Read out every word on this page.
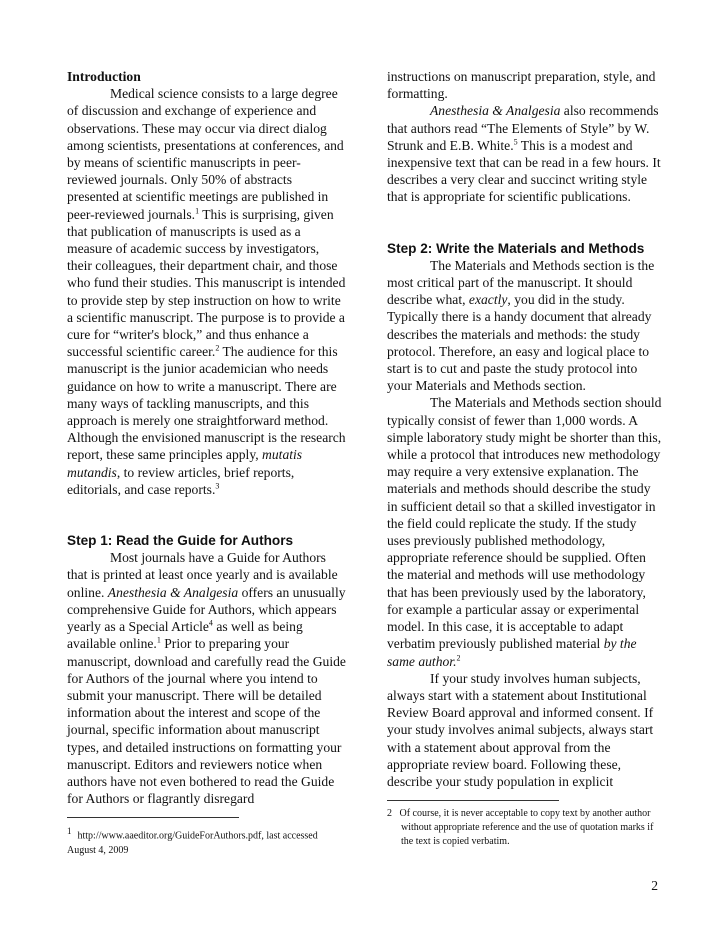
Introduction

Medical science consists to a large degree of discussion and exchange of experience and observations. These may occur via direct dialog among scientists, presentations at conferences, and by means of scientific manuscripts in peer-reviewed journals. Only 50% of abstracts presented at scientific meetings are published in peer-reviewed journals.$^1$ This is surprising, given that publication of manuscripts is used as a measure of academic success by investigators, their colleagues, their department chair, and those who fund their studies. This manuscript is intended to provide step by step instruction on how to write a scientific manuscript. The purpose is to provide a cure for “writer's block,” and thus enhance a successful scientific career.$^2$ The audience for this manuscript is the junior academician who needs guidance on how to write a manuscript. There are many ways of tackling manuscripts, and this approach is merely one straightforward method. Although the envisioned manuscript is the research report, these same principles apply, mutatis mutandis, to review articles, brief reports, editorials, and case reports.$^3$

Step 1: Read the Guide for Authors

Most journals have a Guide for Authors that is printed at least once yearly and is available online. Anesthesia & Analgesia offers an unusually comprehensive Guide for Authors, which appears yearly as a Special Article$^4$ as well as being available online.$^1$ Prior to preparing your manuscript, download and carefully read the Guide for Authors of the journal where you intend to submit your manuscript. There will be detailed information about the interest and scope of the journal, specific information about manuscript types, and detailed instructions on formatting your manuscript. Editors and reviewers notice when authors have not even bothered to read the Guide for Authors or flagrantly disregard

1 http://www.aaeditor.org/GuideForAuthors.pdf, last accessed August 4, 2009

instructions on manuscript preparation, style, and formatting.

Anesthesia & Analgesia also recommends that authors read “The Elements of Style” by W. Strunk and E.B. White.$^5$ This is a modest and inexpensive text that can be read in a few hours. It describes a very clear and succinct writing style that is appropriate for scientific publications.

Step 2: Write the Materials and Methods

The Materials and Methods section is the most critical part of the manuscript. It should describe what, exactly, you did in the study. Typically there is a handy document that already describes the materials and methods: the study protocol. Therefore, an easy and logical place to start is to cut and paste the study protocol into your Materials and Methods section.

The Materials and Methods section should typically consist of fewer than 1,000 words. A simple laboratory study might be shorter than this, while a protocol that introduces new methodology may require a very extensive explanation. The materials and methods should describe the study in sufficient detail so that a skilled investigator in the field could replicate the study. If the study uses previously published methodology, appropriate reference should be supplied. Often the material and methods will use methodology that has been previously used by the laboratory, for example a particular assay or experimental model. In this case, it is acceptable to adapt verbatim previously published material by the same author.$^2$

If your study involves human subjects, always start with a statement about Institutional Review Board approval and informed consent. If your study involves animal subjects, always start with a statement about approval from the appropriate review board. Following these, describe your study population in explicit

2 Of course, it is never acceptable to copy text by another author without appropriate reference and the use of quotation marks if the text is copied verbatim.
2
